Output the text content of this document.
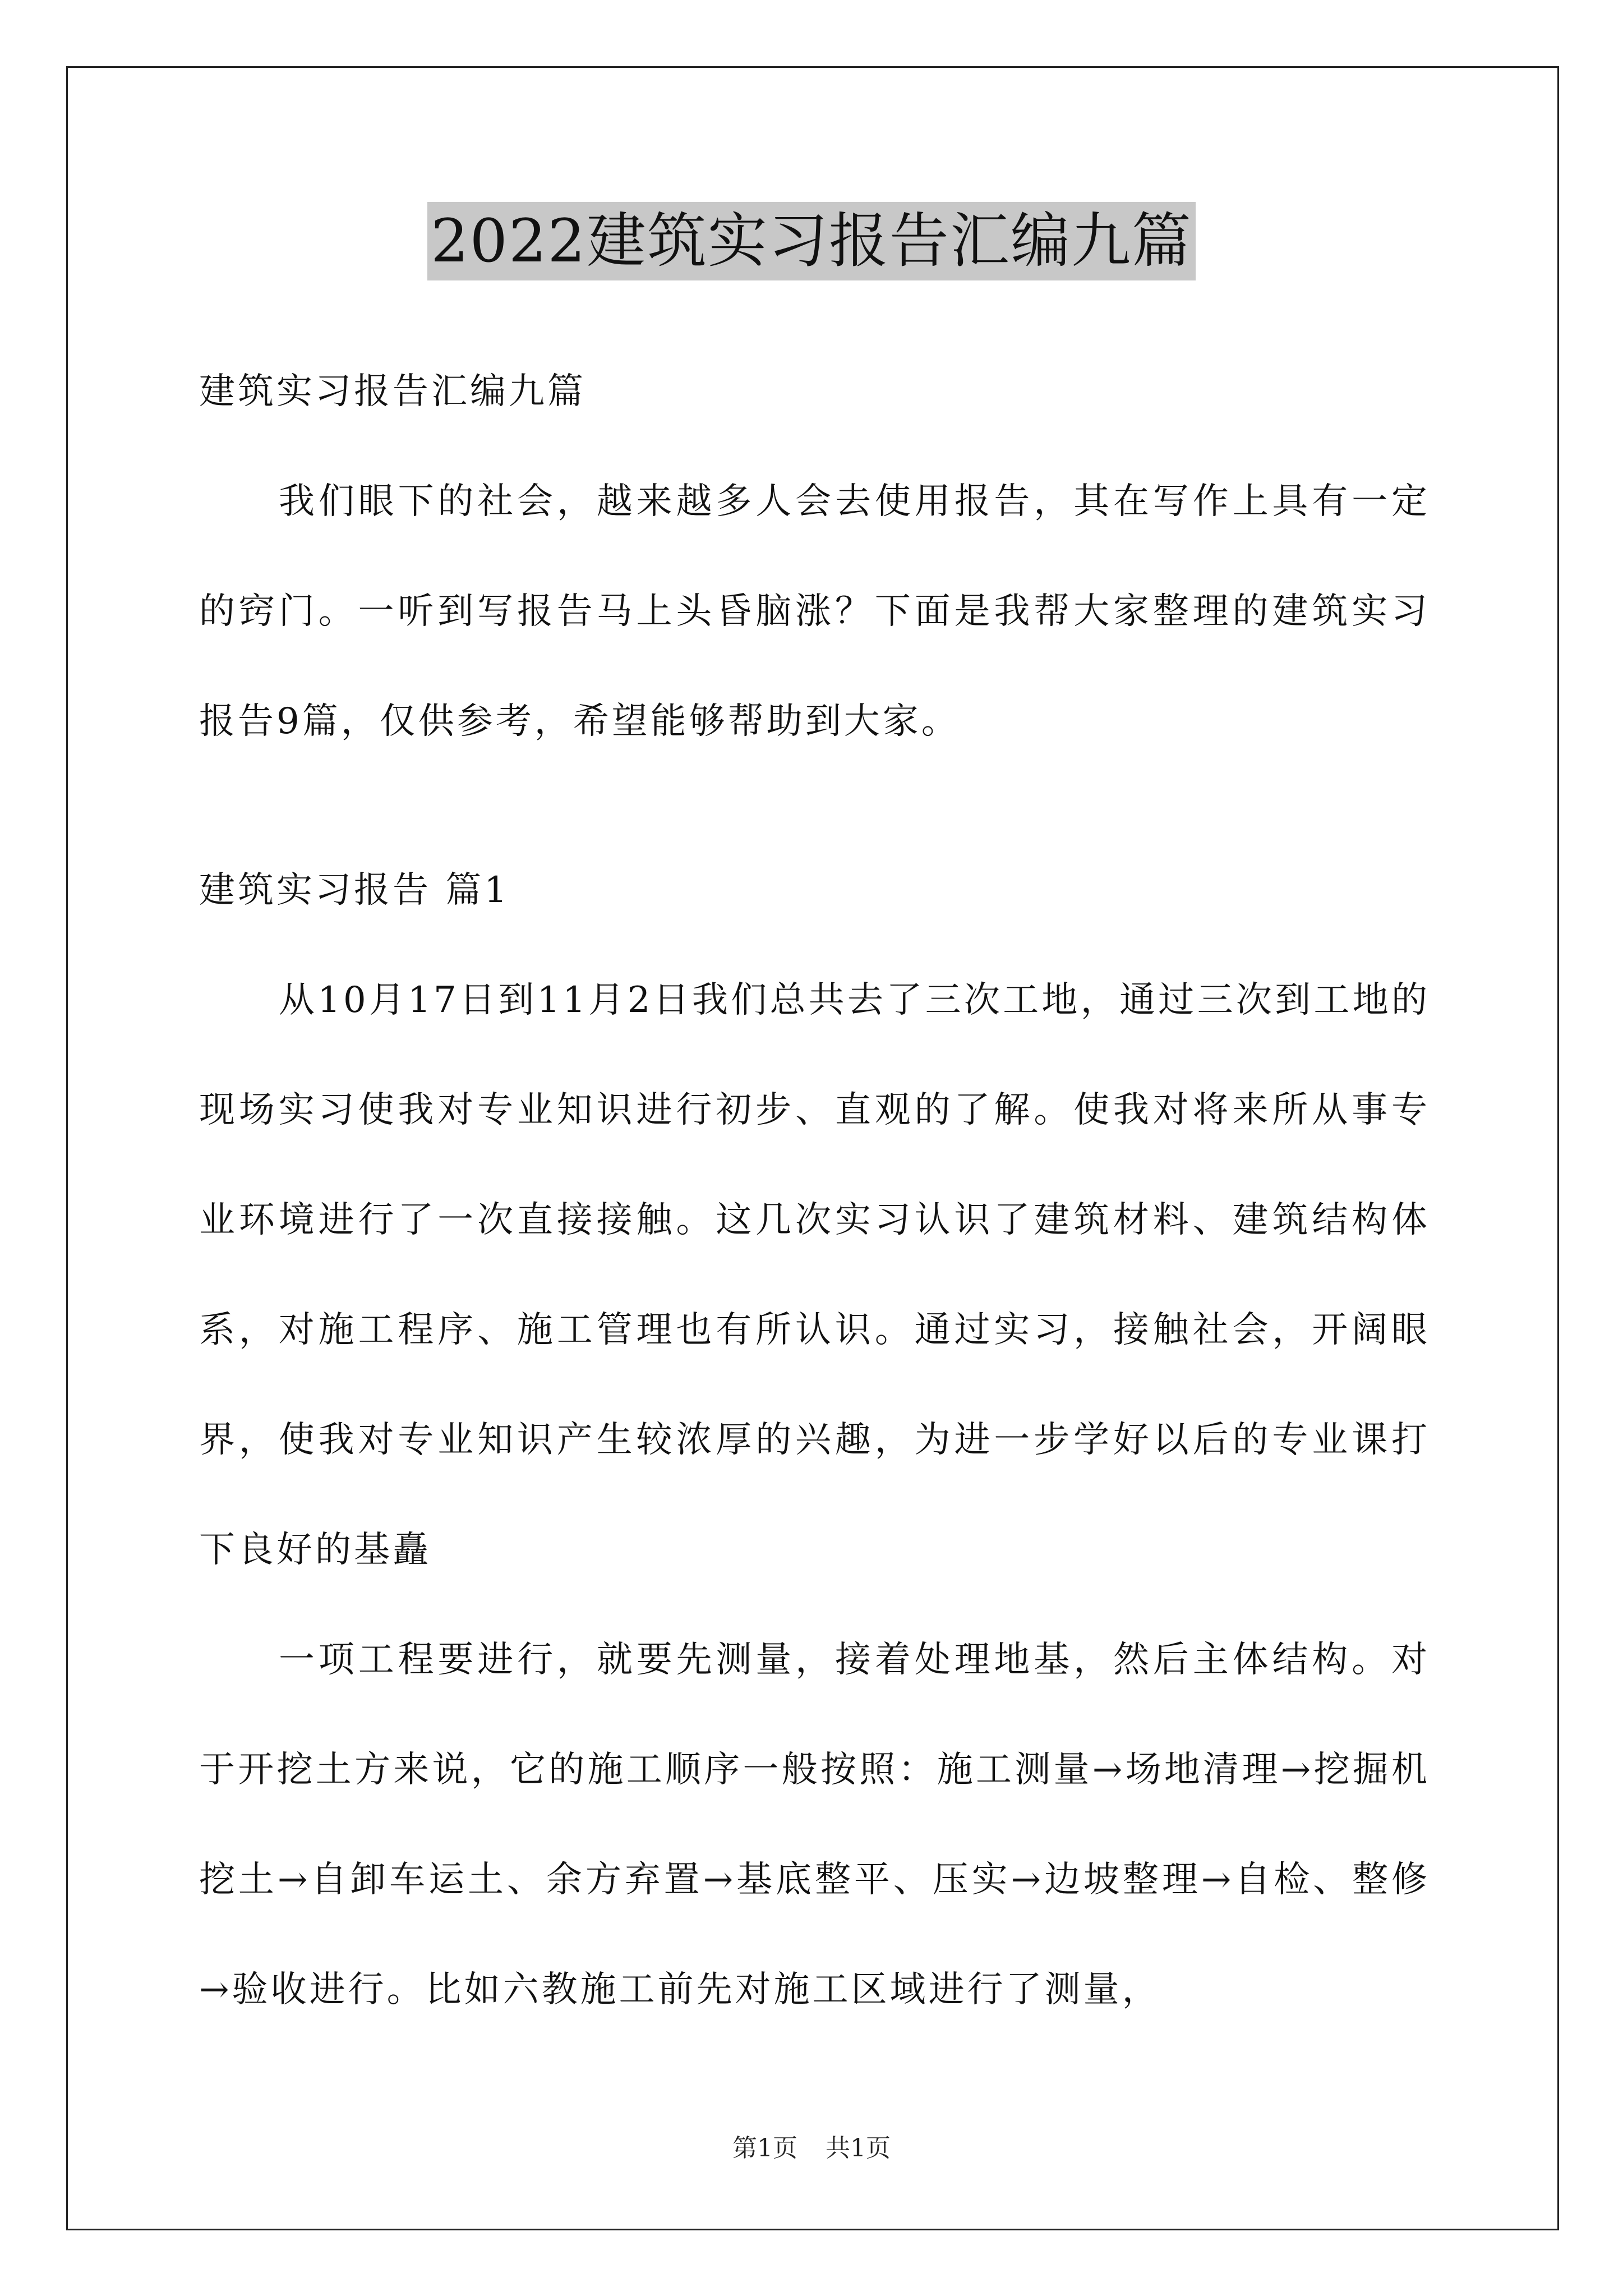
2022建筑实习报告汇编九篇

建筑实习报告汇编九篇

我们眼下的社会，越来越多人会去使用报告，其在写作上具有一定的窍门。一听到写报告马上头昏脑涨？下面是我帮大家整理的建筑实习报告9篇，仅供参考，希望能够帮助到大家。

建筑实习报告 篇1

从10月17日到11月2日我们总共去了三次工地，通过三次到工地的现场实习使我对专业知识进行初步、直观的了解。使我对将来所从事专业环境进行了一次直接接触。这几次实习认识了建筑材料、建筑结构体系，对施工程序、施工管理也有所认识。通过实习，接触社会，开阔眼界，使我对专业知识产生较浓厚的兴趣，为进一步学好以后的专业课打下良好的基矗

一项工程要进行，就要先测量，接着处理地基，然后主体结构。对于开挖土方来说，它的施工顺序一般按照：施工测量→场地清理→挖掘机挖土→自卸车运土、余方弃置→基底整平、压实→边坡整理→自检、整修→验收进行。比如六教施工前先对施工区域进行了测量，

第1页 共1页
